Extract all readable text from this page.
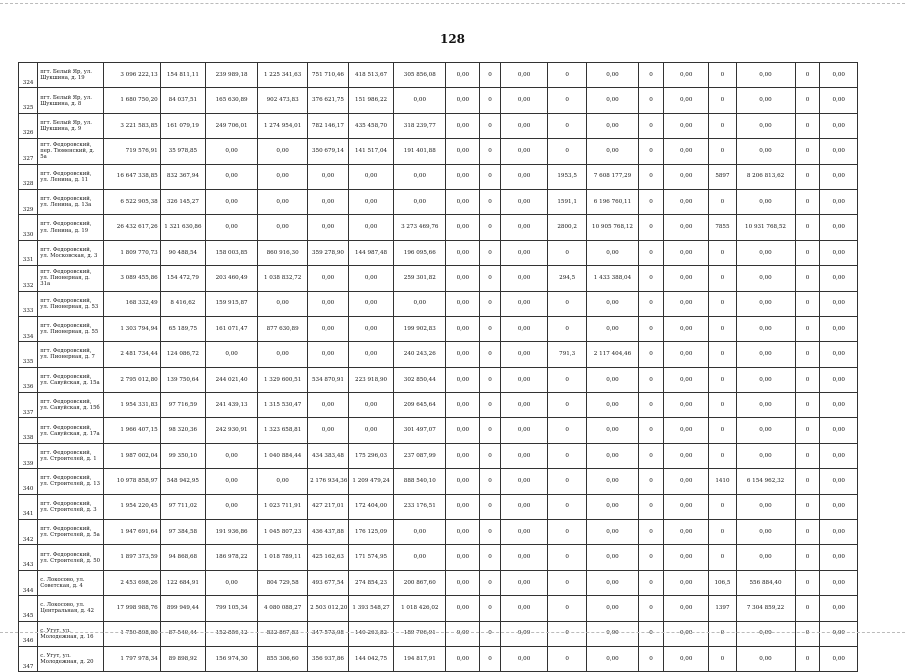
128
324	пгт. Белый Яр, ул. Шукшина, д. 19	3 096 222,13	154 811,11	239 989,18	1 225 341,63	751 710,46	418 513,67	305 856,08	0,00	0	0,00	0	0,00	0	0,00	0	0,00	0	0,00
325	пгт. Белый Яр, ул. Шукшина, д. 8	1 680 750,20	84 037,51	165 630,89	902 473,83	376 621,75	151 986,22	0,00	0,00	0	0,00	0	0,00	0	0,00	0	0,00	0	0,00
326	пгт. Белый Яр, ул. Шукшина, д. 9	3 221 583,85	161 079,19	249 706,01	1 274 954,01	782 146,17	435 458,70	318 239,77	0,00	0	0,00	0	0,00	0	0,00	0	0,00	0	0,00
327	пгт. Федоровский, пер. Тюменский, д. 5а	719 576,91	35 978,85	0,00	0,00	350 679,14	141 517,04	191 401,88	0,00	0	0,00	0	0,00	0	0,00	0	0,00	0	0,00
328	пгт. Федоровский, ул. Ленина, д. 11	16 647 338,85	832 367,94	0,00	0,00	0,00	0,00	0,00	0,00	0	0,00	1953,5	7 608 177,29	0	0,00	5897	8 206 813,62	0	0,00
329	пгт. Федоровский, ул. Ленина, д. 13а	6 522 905,38	326 145,27	0,00	0,00	0,00	0,00	0,00	0,00	0	0,00	1591,1	6 196 760,11	0	0,00	0	0,00	0	0,00
330	пгт. Федоровский, ул. Ленина, д. 19	26 432 617,26	1 321 630,86	0,00	0,00	0,00	0,00	3 273 469,76	0,00	0	0,00	2800,2	10 905 768,12	0	0,00	7855	10 931 768,52	0	0,00
331	пгт. Федоровский, ул. Московская, д. 3	1 809 770,73	90 488,54	158 003,85	860 916,30	359 278,90	144 987,48	196 095,66	0,00	0	0,00	0	0,00	0	0,00	0	0,00	0	0,00
332	пгт. Федоровский, ул. Пионерная, д. 31а	3 089 455,86	154 472,79	203 460,49	1 038 832,72	0,00	0,00	259 301,82	0,00	0	0,00	294,5	1 433 388,04	0	0,00	0	0,00	0	0,00
333	пгт. Федоровский, ул. Пионерная, д. 53	168 332,49	8 416,62	159 915,87	0,00	0,00	0,00	0,00	0,00	0	0,00	0	0,00	0	0,00	0	0,00	0	0,00
334	пгт. Федоровский, ул. Пионерная, д. 55	1 303 794,94	65 189,75	161 071,47	877 630,89	0,00	0,00	199 902,83	0,00	0	0,00	0	0,00	0	0,00	0	0,00	0	0,00
335	пгт. Федоровский, ул. Пионерная, д. 7	2 481 734,44	124 086,72	0,00	0,00	0,00	0,00	240 243,26	0,00	0	0,00	791,3	2 117 404,46	0	0,00	0	0,00	0	0,00
336	пгт. Федоровский, ул. Савуйская, д. 15а	2 795 012,80	139 750,64	244 021,40	1 329 600,51	534 870,91	223 918,90	302 850,44	0,00	0	0,00	0	0,00	0	0,00	0	0,00	0	0,00
337	пгт. Федоровский, ул. Савуйская, д. 15б	1 954 331,83	97 716,59	241 439,13	1 315 530,47	0,00	0,00	209 645,64	0,00	0	0,00	0	0,00	0	0,00	0	0,00	0	0,00
338	пгт. Федоровский, ул. Савуйская, д. 17а	1 966 407,15	98 320,36	242 930,91	1 323 658,81	0,00	0,00	301 497,07	0,00	0	0,00	0	0,00	0	0,00	0	0,00	0	0,00
339	пгт. Федоровский, ул. Строителей, д. 1	1 987 002,04	99 350,10	0,00	1 040 884,44	434 383,48	175 296,03	237 087,99	0,00	0	0,00	0	0,00	0	0,00	0	0,00	0	0,00
340	пгт. Федоровский, ул. Строителей, д. 13	10 978 858,97	548 942,95	0,00	0,00	2 176 934,36	1 209 479,24	888 540,10	0,00	0	0,00	0	0,00	0	0,00	1410	6 154 962,32	0	0,00
341	пгт. Федоровский, ул. Строителей, д. 3	1 954 220,45	97 711,02	0,00	1 023 711,91	427 217,01	172 404,00	233 176,51	0,00	0	0,00	0	0,00	0	0,00	0	0,00	0	0,00
342	пгт. Федоровский, ул. Строителей, д. 5а	1 947 691,64	97 384,58	191 936,86	1 045 807,23	436 437,88	176 125,09	0,00	0,00	0	0,00	0	0,00	0	0,00	0	0,00	0	0,00
343	пгт. Федоровский, ул. Строителей, д. 50	1 897 373,59	94 868,68	186 978,22	1 018 789,11	425 162,63	171 574,95	0,00	0,00	0	0,00	0	0,00	0	0,00	0	0,00	0	0,00
344	с. Локосово, ул. Советская, д. 4	2 453 698,26	122 684,91	0,00	804 729,58	493 677,54	274 854,23	200 867,60	0,00	0	0,00	0	0,00	0	0,00	106,5	556 884,40	0	0,00
345	с. Локосово, ул. Центральная, д. 42	17 998 988,76	899 949,44	799 105,34	4 080 088,27	2 503 012,20	1 393 548,27	1 018 426,02	0,00	0	0,00	0	0,00	0	0,00	1397	7 304 859,22	0	0,00
346	с. Угут, ул. Молодежная, д. 16	1 750 808,80	87 540,44	152 856,12	832 867,83	347 573,08	140 263,82	189 706,91	0,00	0	0,00	0	0,00	0	0,00	0	0,00	0	0,00
347	с. Угут, ул. Молодежная, д. 20	1 797 978,34	89 898,92	156 974,30	855 306,60	356 937,86	144 042,75	194 817,91	0,00	0	0,00	0	0,00	0	0,00	0	0,00	0	0,00
